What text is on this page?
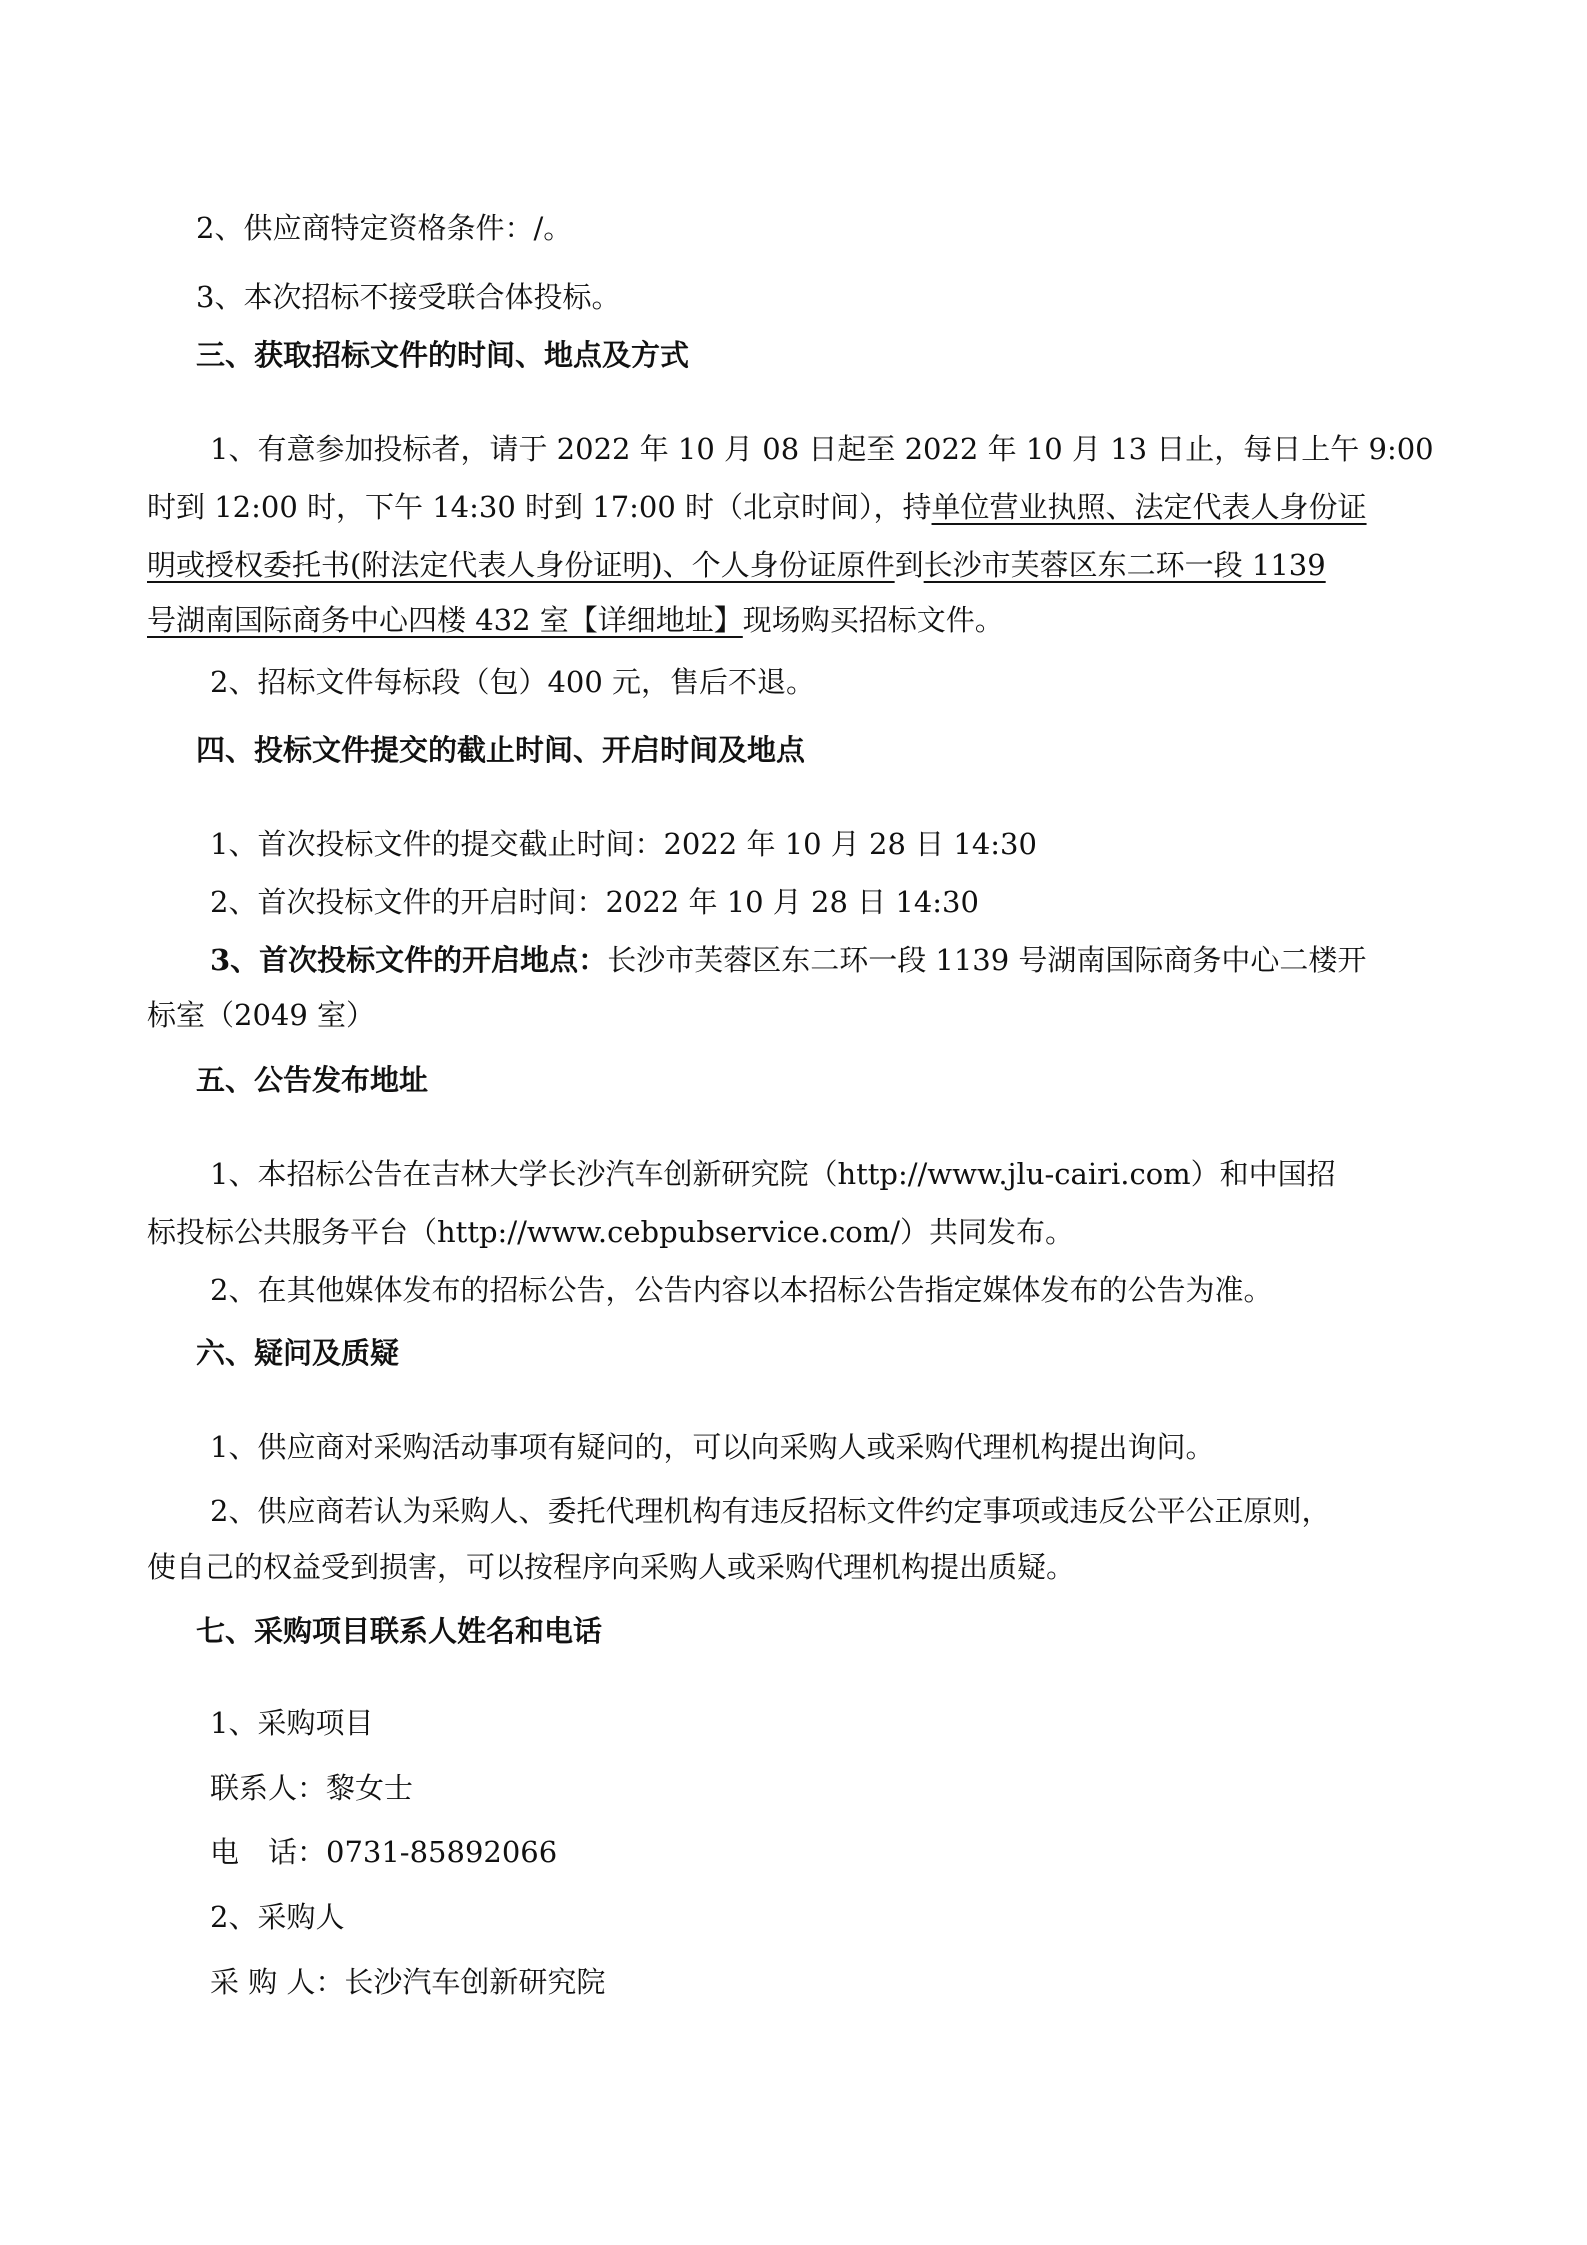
2、供应商特定资格条件：/。
3、本次招标不接受联合体投标。
三、获取招标文件的时间、地点及方式
1、有意参加投标者，请于 2022 年 10 月 08 日起至 2022 年 10 月 13 日止，每日上午 9:00
时到 12:00 时，下午 14:30 时到 17:00 时（北京时间），持单位营业执照、法定代表人身份证
明或授权委托书(附法定代表人身份证明)、个人身份证原件到长沙市芙蓉区东二环一段 1139
号湖南国际商务中心四楼 432 室【详细地址】现场购买招标文件。
2、招标文件每标段（包）400 元，售后不退。
四、投标文件提交的截止时间、开启时间及地点
1、首次投标文件的提交截止时间：2022 年 10 月 28 日 14:30
2、首次投标文件的开启时间：2022 年 10 月 28 日 14:30
3、首次投标文件的开启地点：长沙市芙蓉区东二环一段 1139 号湖南国际商务中心二楼开
标室（2049 室）
五、公告发布地址
1、本招标公告在吉林大学长沙汽车创新研究院（http://www.jlu-cairi.com）和中国招
标投标公共服务平台（http://www.cebpubservice.com/）共同发布。
2、在其他媒体发布的招标公告，公告内容以本招标公告指定媒体发布的公告为准。
六、疑问及质疑
1、供应商对采购活动事项有疑问的，可以向采购人或采购代理机构提出询问。
2、供应商若认为采购人、委托代理机构有违反招标文件约定事项或违反公平公正原则，
使自己的权益受到损害，可以按程序向采购人或采购代理机构提出质疑。
七、采购项目联系人姓名和电话
1、采购项目
联系人：黎女士
电　话：0731-85892066
2、采购人
采 购 人：长沙汽车创新研究院
